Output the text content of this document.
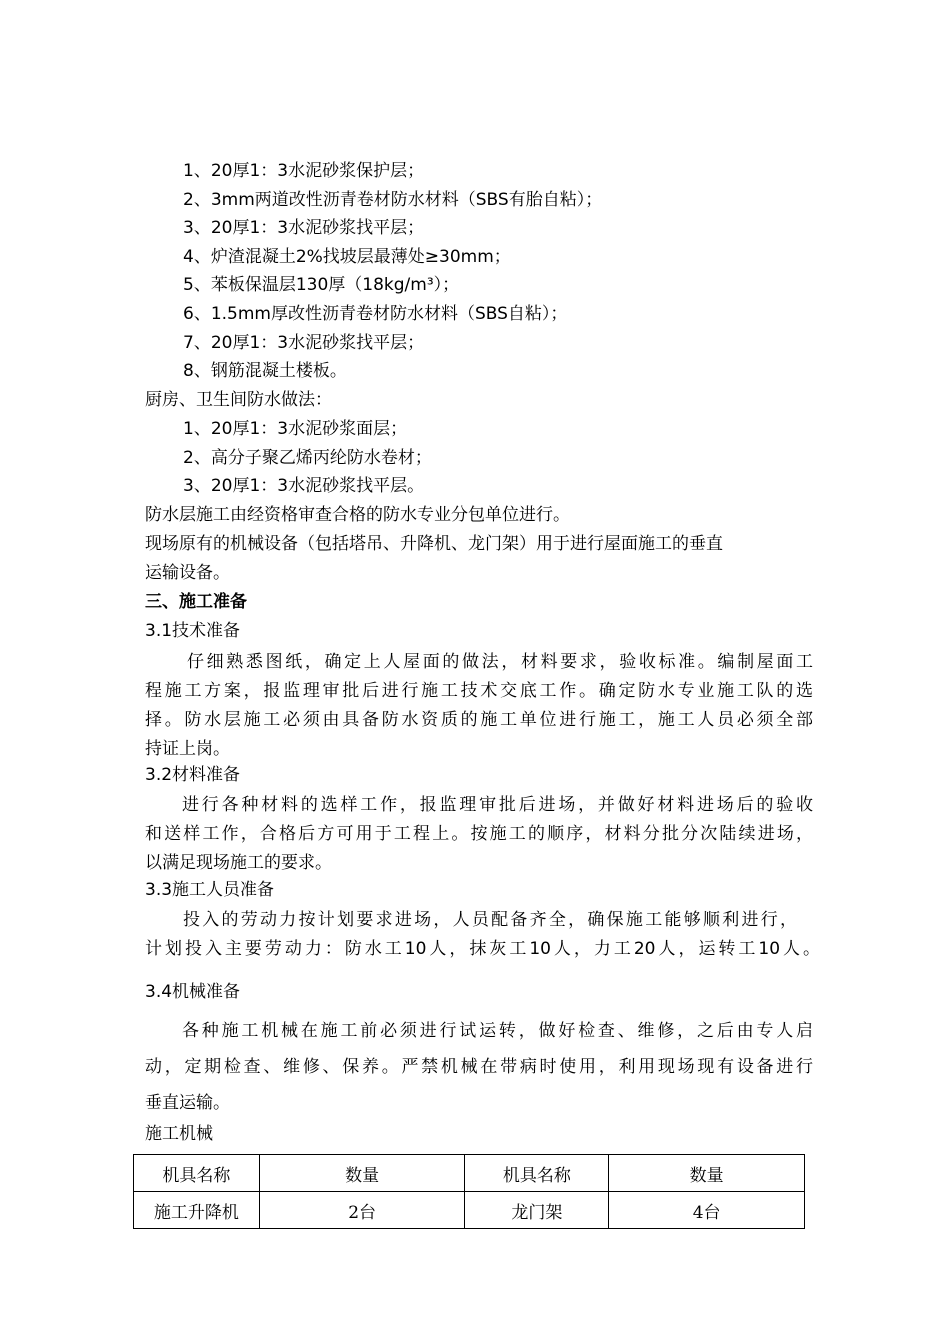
1、20厚1：3水泥砂浆保护层；
2、3mm两道改性沥青卷材防水材料（SBS有胎自粘）；
3、20厚1：3水泥砂浆找平层；
4、炉渣混凝土2%找坡层最薄处≥30mm；
5、苯板保温层130厚（18kg/m³）；
6、1.5mm厚改性沥青卷材防水材料（SBS自粘）；
7、20厚1：3水泥砂浆找平层；
8、钢筋混凝土楼板。
厨房、卫生间防水做法：
1、20厚1：3水泥砂浆面层；
2、高分子聚乙烯丙纶防水卷材；
3、20厚1：3水泥砂浆找平层。
防水层施工由经资格审查合格的防水专业分包单位进行。
现场原有的机械设备（包括塔吊、升降机、龙门架）用于进行屋面施工的垂直
运输设备。
三、施工准备
3.1技术准备
仔细熟悉图纸，确定上人屋面的做法，材料要求，验收标准。编制屋面工
程施工方案，报监理审批后进行施工技术交底工作。确定防水专业施工队的选
择。防水层施工必须由具备防水资质的施工单位进行施工，施工人员必须全部
持证上岗。
3.2材料准备
进行各种材料的选样工作，报监理审批后进场，并做好材料进场后的验收
和送样工作，合格后方可用于工程上。按施工的顺序，材料分批分次陆续进场，
以满足现场施工的要求。
3.3施工人员准备
投入的劳动力按计划要求进场，人员配备齐全，确保施工能够顺利进行，
计划投入主要劳动力：防水工10人，抹灰工10人，力工20人，运转工10人。
3.4机械准备
各种施工机械在施工前必须进行试运转，做好检查、维修，之后由专人启
动，定期检查、维修、保养。严禁机械在带病时使用，利用现场现有设备进行
垂直运输。
施工机械
机具名称	数量	机具名称	数量
施工升降机	2台	龙门架	4台
